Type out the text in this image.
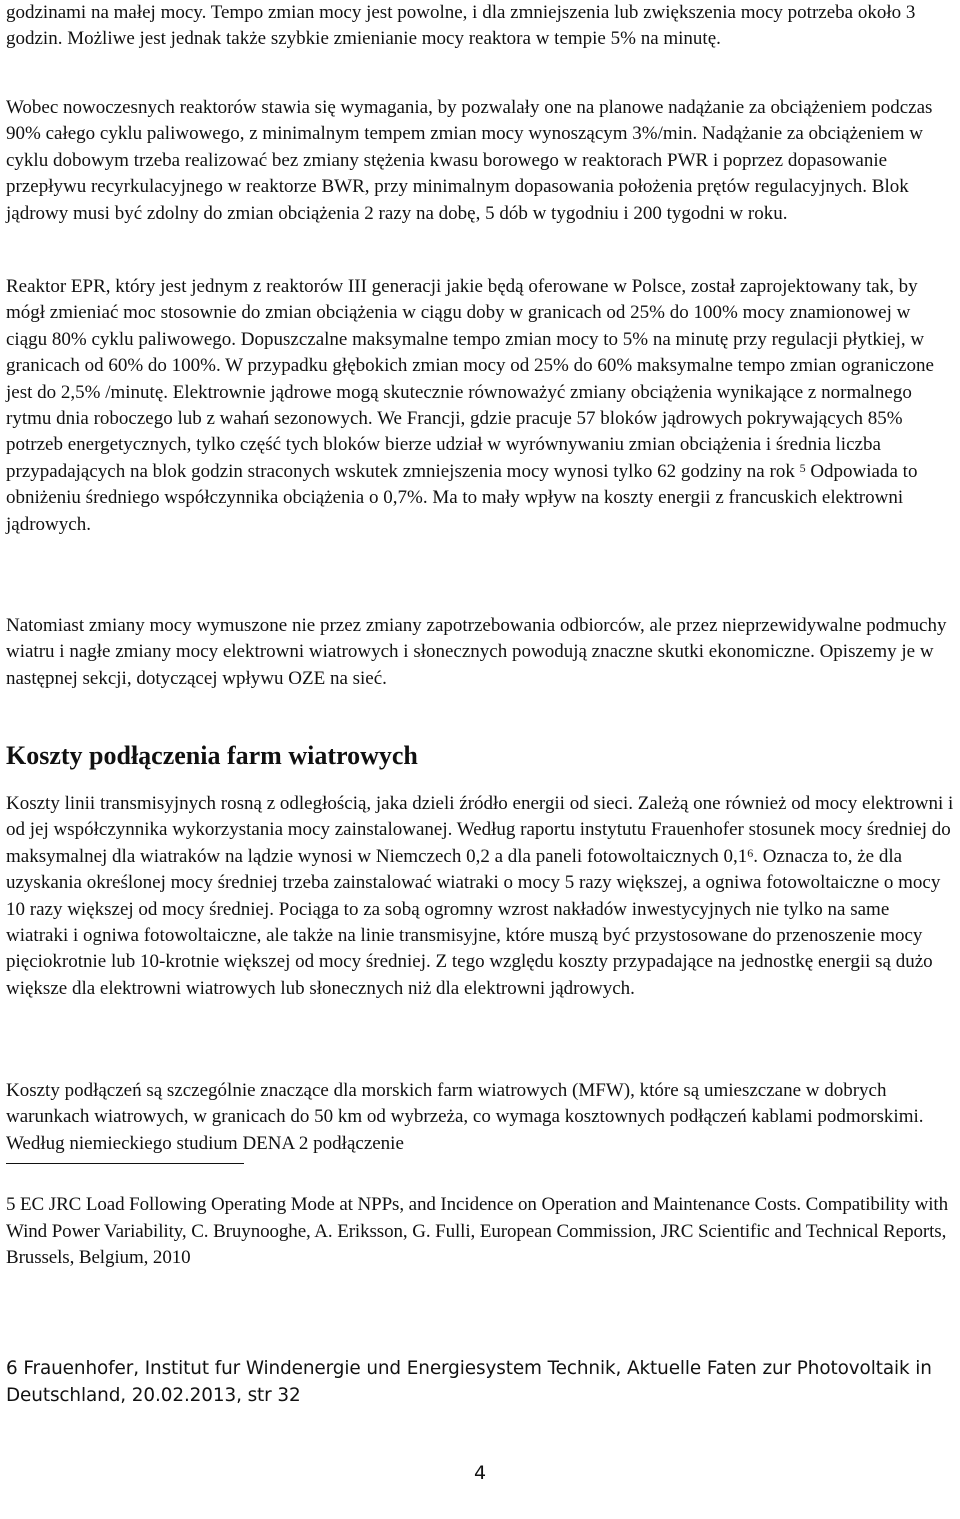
godzinami na małej mocy. Tempo zmian mocy jest powolne, i dla zmniejszenia lub zwiększenia mocy potrzeba około 3 godzin. Możliwe jest jednak także szybkie zmienianie mocy reaktora w tempie 5% na minutę.

Wobec nowoczesnych reaktorów stawia się wymagania, by pozwalały one na planowe nadążanie za obciążeniem podczas 90% całego cyklu paliwowego, z minimalnym tempem zmian mocy wynoszącym 3%/min. Nadążanie za obciążeniem w cyklu dobowym trzeba realizować bez zmiany stężenia kwasu borowego w reaktorach PWR i poprzez dopasowanie przepływu recyrkulacyjnego w reaktorze BWR, przy minimalnym dopasowania położenia prętów regulacyjnych. Blok jądrowy musi być zdolny do zmian obciążenia 2 razy na dobę, 5 dób w tygodniu i 200 tygodni w roku.

Reaktor EPR, który jest jednym z reaktorów III generacji jakie będą oferowane w Polsce, został zaprojektowany tak, by mógł zmieniać moc stosownie do zmian obciążenia w ciągu doby w granicach od 25% do 100% mocy znamionowej w ciągu 80% cyklu paliwowego. Dopuszczalne maksymalne tempo zmian mocy to 5% na minutę przy regulacji płytkiej, w granicach od 60% do 100%. W przypadku głębokich zmian mocy od 25% do 60% maksymalne tempo zmian ograniczone jest do 2,5% /minutę. Elektrownie jądrowe mogą skutecznie równoważyć zmiany obciążenia wynikające z normalnego rytmu dnia roboczego lub z wahań sezonowych. We Francji, gdzie pracuje 57 bloków jądrowych pokrywających 85% potrzeb energetycznych, tylko część tych bloków bierze udział w wyrównywaniu zmian obciążenia i średnia liczba przypadających na blok godzin straconych wskutek zmniejszenia mocy wynosi tylko 62 godziny na rok $^5$ Odpowiada to obniżeniu średniego współczynnika obciążenia o 0,7%. Ma to mały wpływ na koszty energii z francuskich elektrowni jądrowych.

Natomiast zmiany mocy wymuszone nie przez zmiany zapotrzebowania odbiorców, ale przez nieprzewidywalne podmuchy wiatru i nagłe zmiany mocy elektrowni wiatrowych i słonecznych powodują znaczne skutki ekonomiczne. Opiszemy je w następnej sekcji, dotyczącej wpływu OZE na sieć.

Koszty podłączenia farm wiatrowych

Koszty linii transmisyjnych rosną z odległością, jaka dzieli źródło energii od sieci. Zależą one również od mocy elektrowni i od jej współczynnika wykorzystania mocy zainstalowanej. Według raportu instytutu Frauenhofer stosunek mocy średniej do maksymalnej dla wiatraków na lądzie wynosi w Niemczech 0,2 a dla paneli fotowoltaicznych $0,1^6$. Oznacza to, że dla uzyskania określonej mocy średniej trzeba zainstalować wiatraki o mocy 5 razy większej, a ogniwa fotowoltaiczne o mocy 10 razy większej od mocy średniej. Pociąga to za sobą ogromny wzrost nakładów inwestycyjnych nie tylko na same wiatraki i ogniwa fotowoltaiczne, ale także na linie transmisyjne, które muszą być przystosowane do przenoszenie mocy pięciokrotnie lub 10-krotnie większej od mocy średniej. Z tego względu koszty przypadające na jednostkę energii są dużo większe dla elektrowni wiatrowych lub słonecznych niż dla elektrowni jądrowych.

Koszty podłączeń są szczególnie znaczące dla morskich farm wiatrowych (MFW), które są umieszczane w dobrych warunkach wiatrowych, w granicach do 50 km od wybrzeża, co wymaga kosztownych podłączeń kablami podmorskimi. Według niemieckiego studium DENA 2 podłączenie

5 EC JRC Load Following Operating Mode at NPPs, and Incidence on Operation and Maintenance Costs. Compatibility with Wind Power Variability, C. Bruynooghe, A. Eriksson, G. Fulli, European Commission, JRC Scientific and Technical Reports, Brussels, Belgium, 2010
6 Frauenhofer, Institut fur Windenergie und Energiesystem Technik, Aktuelle Faten zur Photovoltaik in Deutschland, 20.02.2013, str 32
4
